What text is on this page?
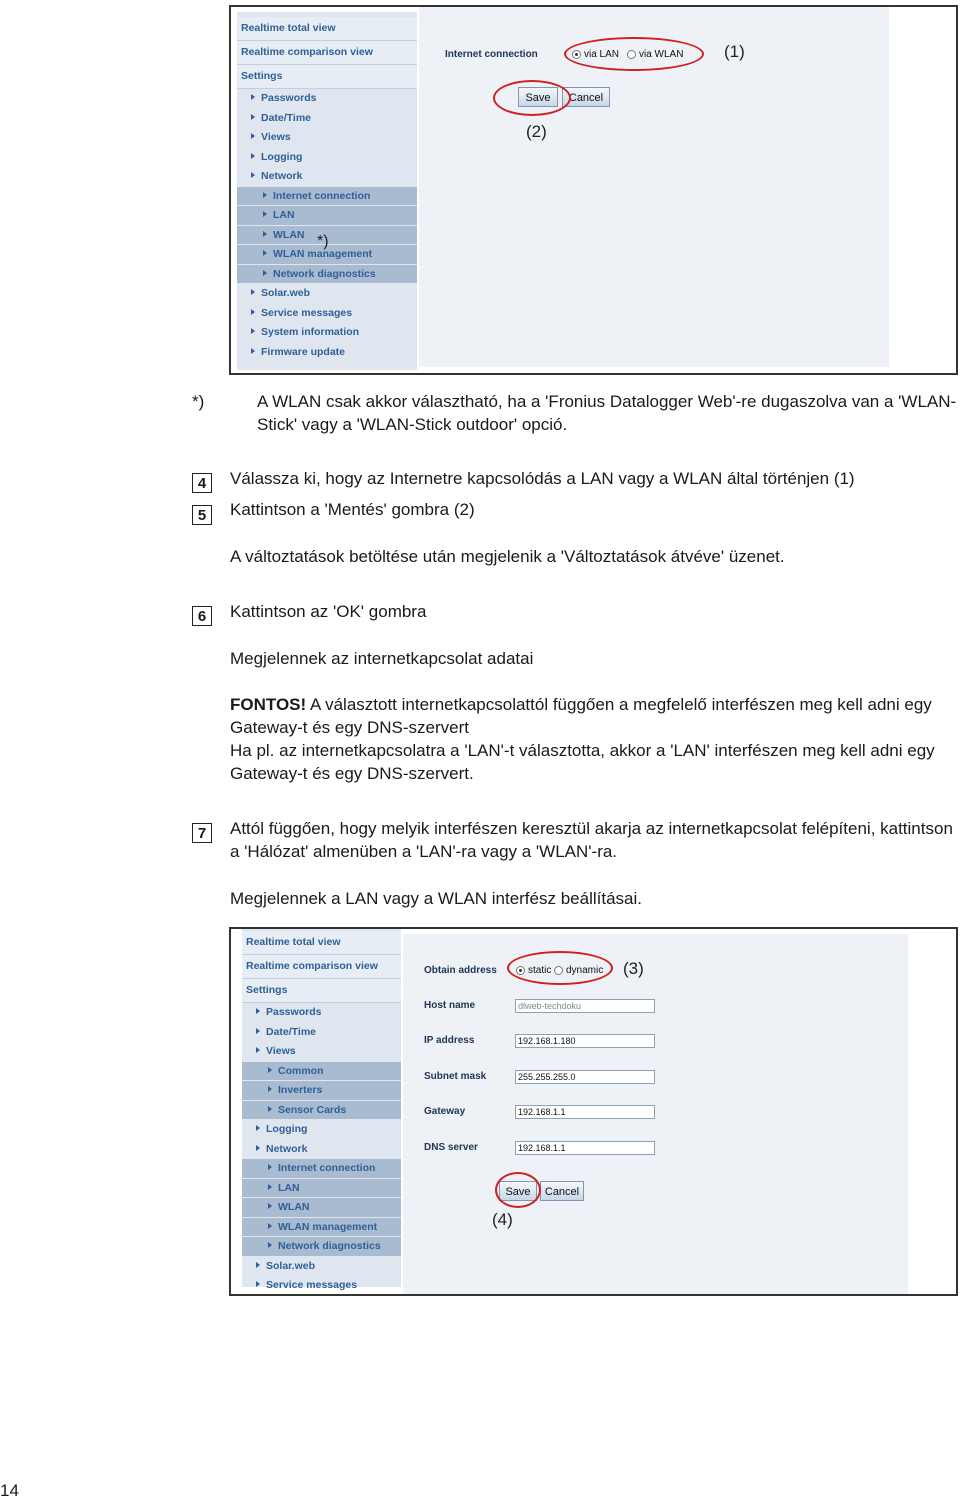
Realtime total view
Realtime comparison view
Settings
Passwords
Date/Time
Views
Logging
Network
Internet connection
LAN
WLAN
WLAN management
Network diagnostics
Solar.web
Service messages
System information
Firmware update
Internet connection	via LAN via WLAN (1)
Save	Cancel
(2)
*)
*)	A WLAN csak akkor választható, ha a 'Fronius Datalogger Web'-re dugaszolva van a 'WLAN-Stick' vagy a 'WLAN-Stick outdoor' opció.
4	Válassza ki, hogy az Internetre kapcsolódás a LAN vagy a WLAN által történjen (1)
5	Kattintson a 'Mentés' gombra (2)
A változtatások betöltése után megjelenik a 'Változtatások átvéve' üzenet.
6	Kattintson az 'OK' gombra
Megjelennek az internetkapcsolat adatai
FONTOS! A választott internetkapcsolattól függően a megfelelő interfészen meg kell adni egy Gateway-t és egy DNS-szervert
Ha pl. az internetkapcsolatra a 'LAN'-t választotta, akkor a 'LAN' interfészen meg kell adni egy Gateway-t és egy DNS-szervert.
7	Attól függően, hogy melyik interfészen keresztül akarja az internetkapcsolat felépíteni, kattintson a 'Hálózat' almenüben a 'LAN'-ra vagy a 'WLAN'-ra.
Megjelennek a LAN vagy a WLAN interfész beállításai.
Realtime total view
Realtime comparison view
Settings
Passwords
Date/Time
Views
Common
Inverters
Sensor Cards
Logging
Network
Internet connection
LAN
WLAN
WLAN management
Network diagnostics
Solar.web
Service messages
Obtain address	static dynamic (3)
Host name	dlweb-techdoku
IP address	192.168.1.180
Subnet mask	255.255.255.0
Gateway	192.168.1.1
DNS server	192.168.1.1
Save	Cancel
(4)
14
